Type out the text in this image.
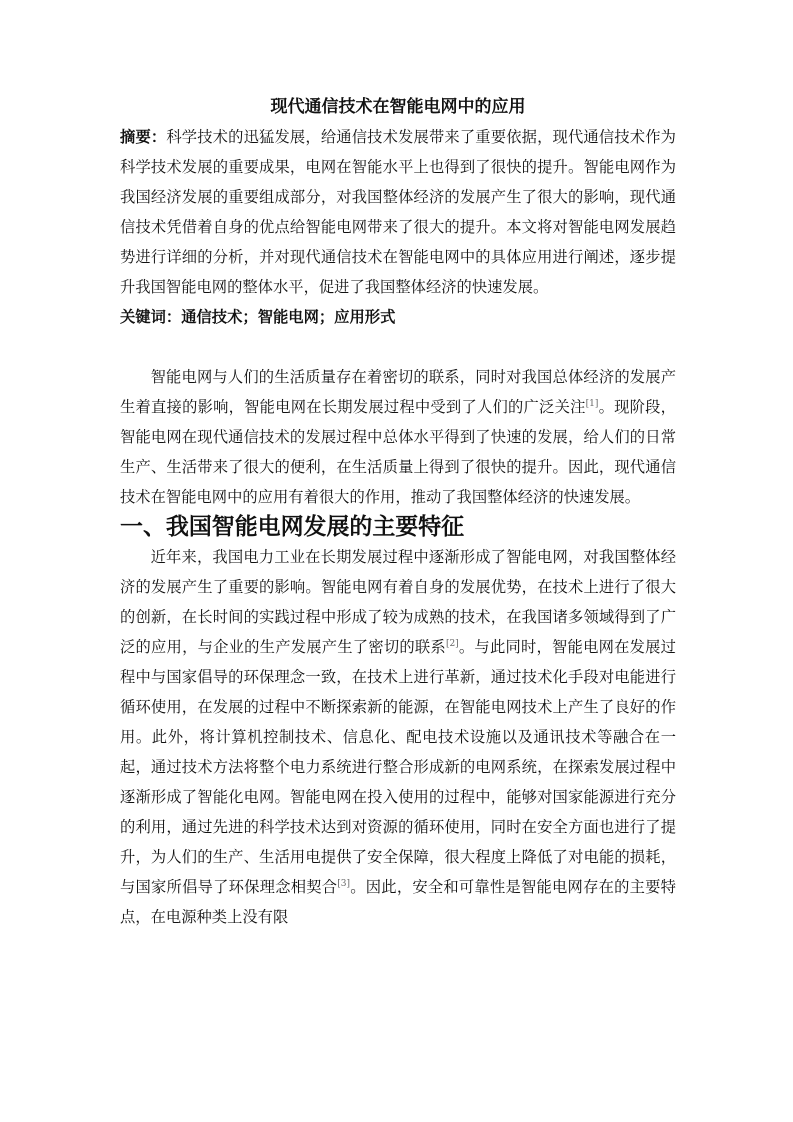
现代通信技术在智能电网中的应用

摘要：科学技术的迅猛发展，给通信技术发展带来了重要依据，现代通信技术作为科学技术发展的重要成果，电网在智能水平上也得到了很快的提升。智能电网作为我国经济发展的重要组成部分，对我国整体经济的发展产生了很大的影响，现代通信技术凭借着自身的优点给智能电网带来了很大的提升。本文将对智能电网发展趋势进行详细的分析，并对现代通信技术在智能电网中的具体应用进行阐述，逐步提升我国智能电网的整体水平，促进了我国整体经济的快速发展。

关键词：通信技术；智能电网；应用形式

智能电网与人们的生活质量存在着密切的联系，同时对我国总体经济的发展产生着直接的影响，智能电网在长期发展过程中受到了人们的广泛关注[1]。现阶段，智能电网在现代通信技术的发展过程中总体水平得到了快速的发展，给人们的日常生产、生活带来了很大的便利，在生活质量上得到了很快的提升。因此，现代通信技术在智能电网中的应用有着很大的作用，推动了我国整体经济的快速发展。

一、我国智能电网发展的主要特征

近年来，我国电力工业在长期发展过程中逐渐形成了智能电网，对我国整体经济的发展产生了重要的影响。智能电网有着自身的发展优势，在技术上进行了很大的创新，在长时间的实践过程中形成了较为成熟的技术，在我国诸多领域得到了广泛的应用，与企业的生产发展产生了密切的联系[2]。与此同时，智能电网在发展过程中与国家倡导的环保理念一致，在技术上进行革新，通过技术化手段对电能进行循环使用，在发展的过程中不断探索新的能源，在智能电网技术上产生了良好的作用。此外，将计算机控制技术、信息化、配电技术设施以及通讯技术等融合在一起，通过技术方法将整个电力系统进行整合形成新的电网系统，在探索发展过程中逐渐形成了智能化电网。智能电网在投入使用的过程中，能够对国家能源进行充分的利用，通过先进的科学技术达到对资源的循环使用，同时在安全方面也进行了提升，为人们的生产、生活用电提供了安全保障，很大程度上降低了对电能的损耗，与国家所倡导了环保理念相契合[3]。因此，安全和可靠性是智能电网存在的主要特点，在电源种类上没有限
